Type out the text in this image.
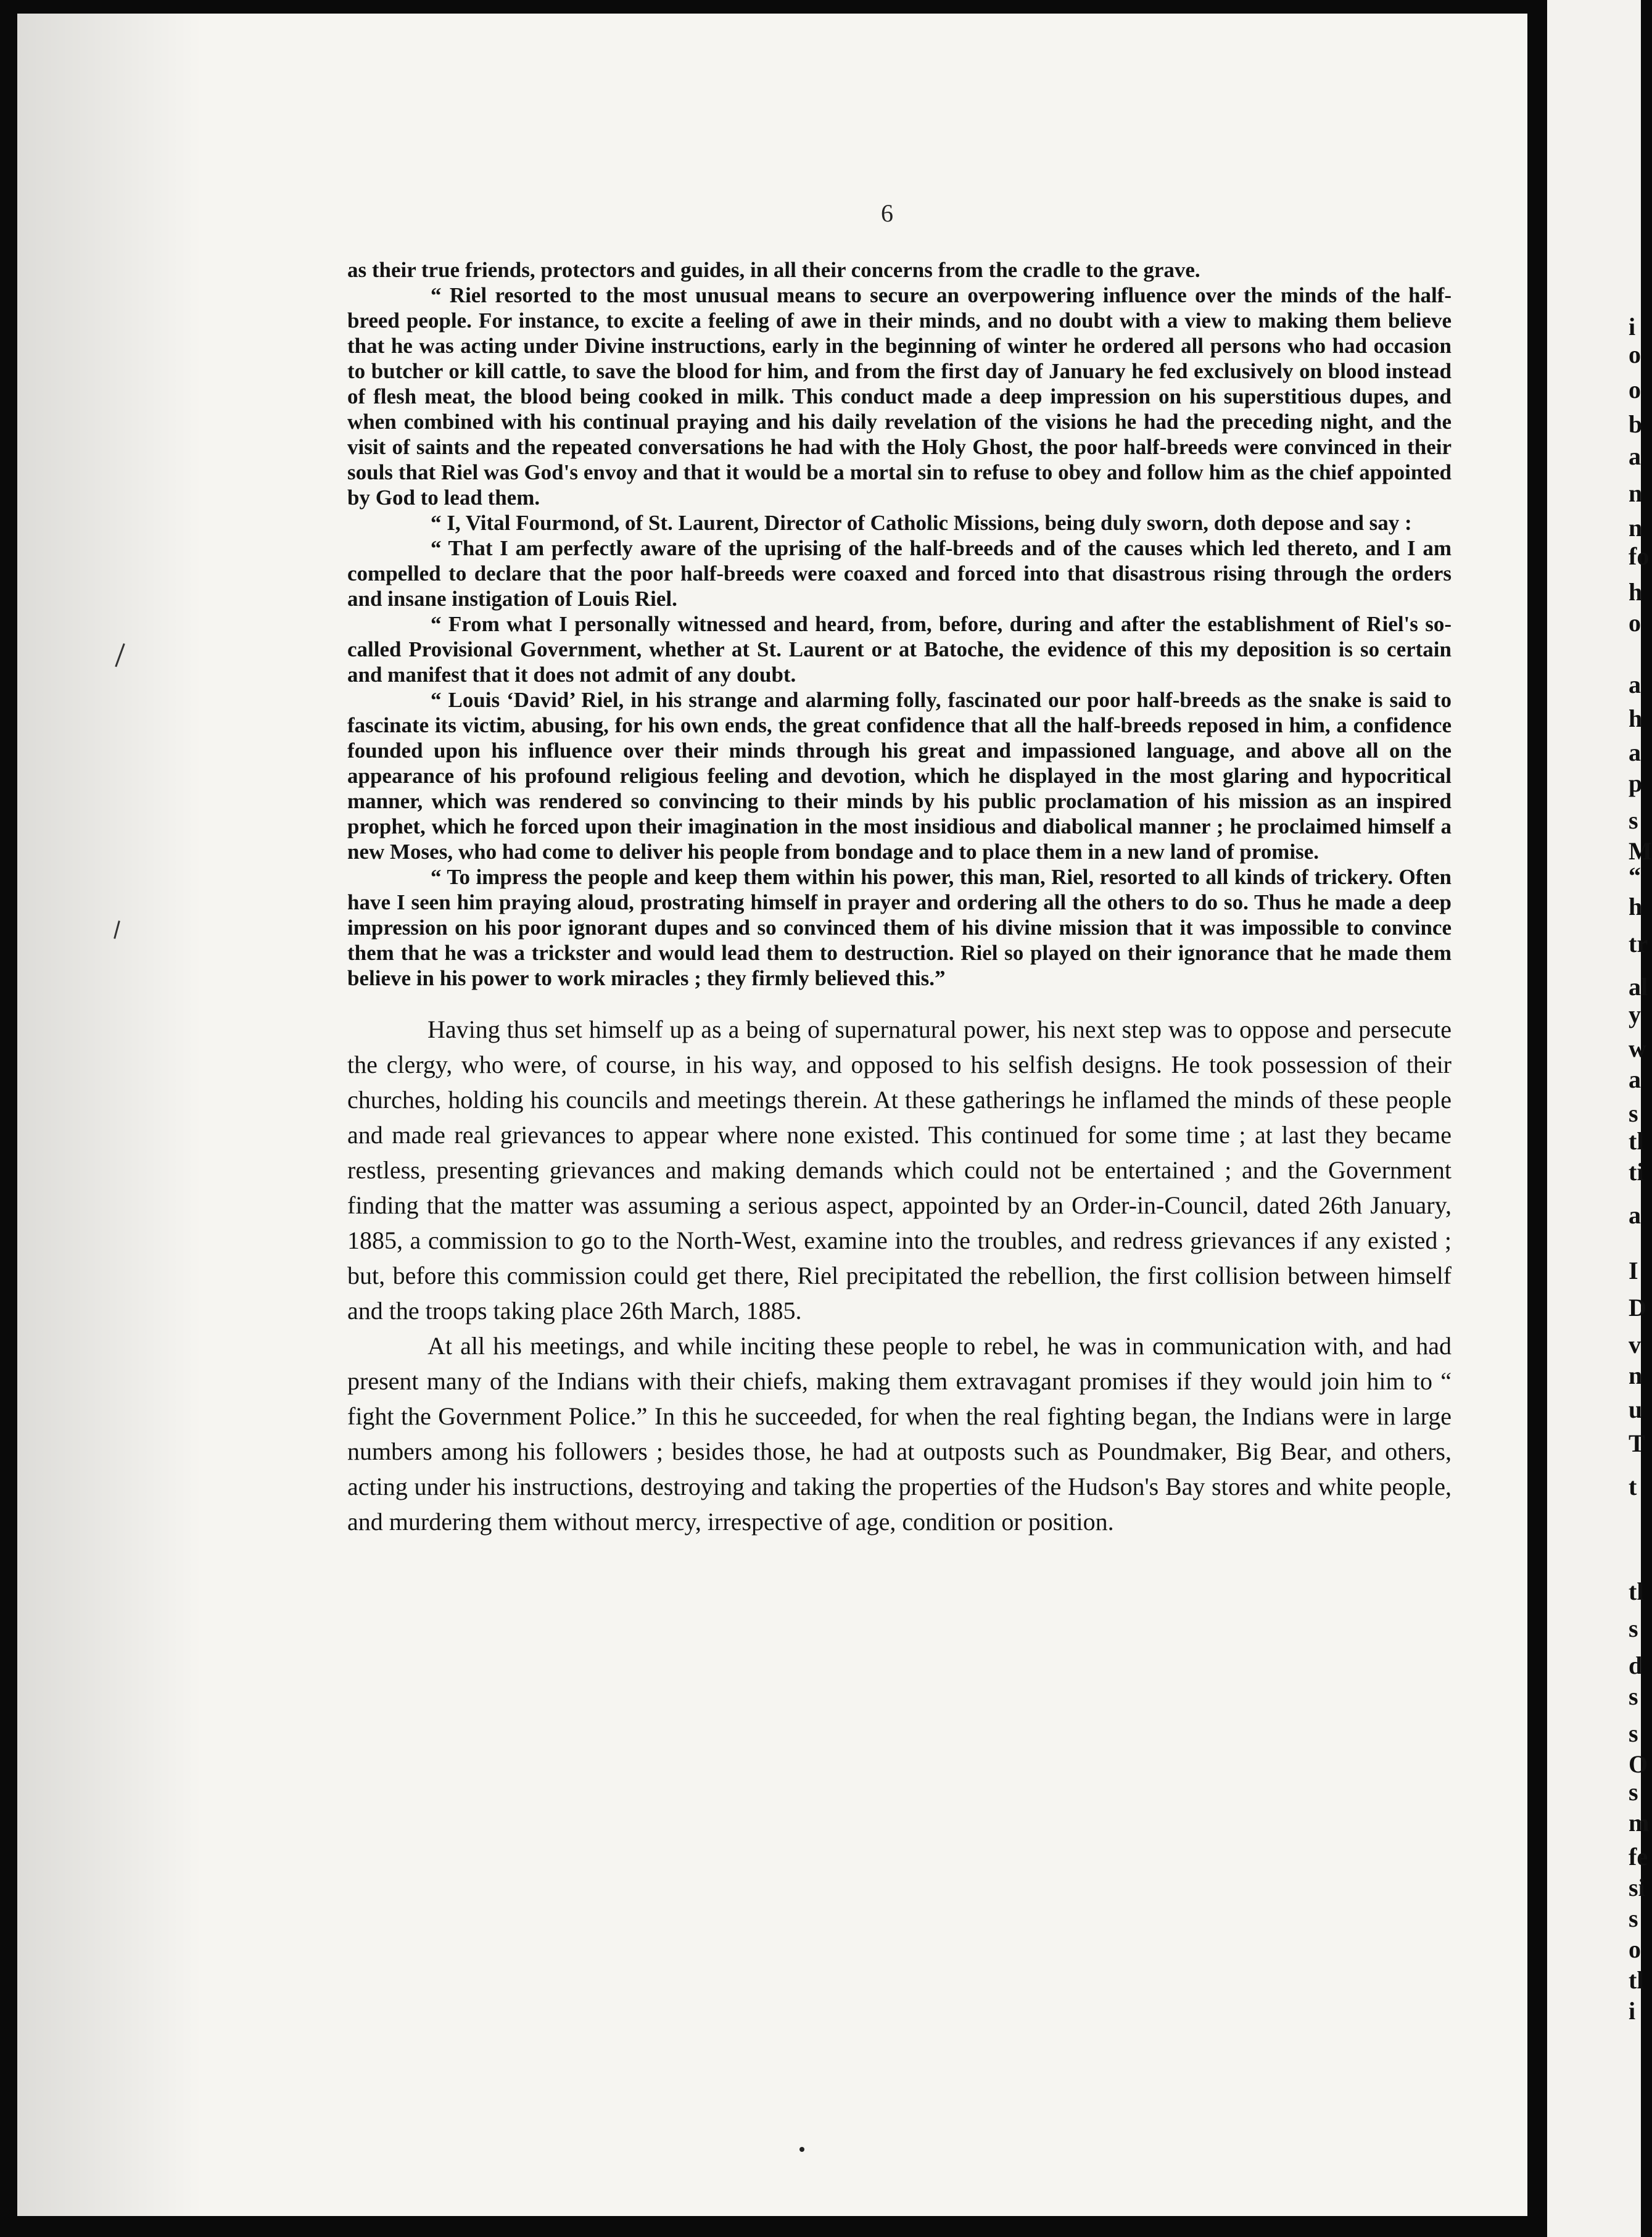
6

as their true friends, protectors and guides, in all their concerns from the cradle to the grave.

“ Riel resorted to the most unusual means to secure an overpowering influence over the minds of the half-breed people. For instance, to excite a feeling of awe in their minds, and no doubt with a view to making them believe that he was acting under Divine instructions, early in the beginning of winter he ordered all persons who had occasion to butcher or kill cattle, to save the blood for him, and from the first day of January he fed exclusively on blood instead of flesh meat, the blood being cooked in milk. This conduct made a deep impression on his superstitious dupes, and when combined with his continual praying and his daily revelation of the visions he had the preceding night, and the visit of saints and the repeated conversations he had with the Holy Ghost, the poor half-breeds were convinced in their souls that Riel was God's envoy and that it would be a mortal sin to refuse to obey and follow him as the chief appointed by God to lead them.

“ I, Vital Fourmond, of St. Laurent, Director of Catholic Missions, being duly sworn, doth depose and say :

“ That I am perfectly aware of the uprising of the half-breeds and of the causes which led thereto, and I am compelled to declare that the poor half-breeds were coaxed and forced into that disastrous rising through the orders and insane instigation of Louis Riel.

“ From what I personally witnessed and heard, from, before, during and after the establishment of Riel's so-called Provisional Government, whether at St. Laurent or at Batoche, the evidence of this my deposition is so certain and manifest that it does not admit of any doubt.

“ Louis ‘David’ Riel, in his strange and alarming folly, fascinated our poor half-breeds as the snake is said to fascinate its victim, abusing, for his own ends, the great confidence that all the half-breeds reposed in him, a confidence founded upon his influence over their minds through his great and impassioned language, and above all on the appearance of his profound religious feeling and devotion, which he displayed in the most glaring and hypocritical manner, which was rendered so convincing to their minds by his public proclamation of his mission as an inspired prophet, which he forced upon their imagination in the most insidious and diabolical manner ; he proclaimed himself a new Moses, who had come to deliver his people from bondage and to place them in a new land of promise.

“ To impress the people and keep them within his power, this man, Riel, resorted to all kinds of trickery. Often have I seen him praying aloud, prostrating himself in prayer and ordering all the others to do so. Thus he made a deep impression on his poor ignorant dupes and so convinced them of his divine mission that it was impossible to convince them that he was a trickster and would lead them to destruction. Riel so played on their ignorance that he made them believe in his power to work miracles ; they firmly believed this.”

Having thus set himself up as a being of supernatural power, his next step was to oppose and persecute the clergy, who were, of course, in his way, and opposed to his selfish designs. He took possession of their churches, holding his councils and meetings therein. At these gatherings he inflamed the minds of these people and made real grievances to appear where none existed. This continued for some time ; at last they became restless, presenting grievances and making demands which could not be entertained ; and the Government finding that the matter was assuming a serious aspect, appointed by an Order-in-Council, dated 26th January, 1885, a commission to go to the North-West, examine into the troubles, and redress grievances if any existed ; but, before this commission could get there, Riel precipitated the rebellion, the first collision between himself and the troops taking place 26th March, 1885.

At all his meetings, and while inciting these people to rebel, he was in communication with, and had present many of the Indians with their chiefs, making them extravagant promises if they would join him to “ fight the Government Police.” In this he succeeded, for when the real fighting began, the Indians were in large numbers among his followers ; besides those, he had at outposts such as Poundmaker, Big Bear, and others, acting under his instructions, destroying and taking the properties of the Hudson's Bay stores and white people, and murdering them without mercy, irrespective of age, condition or position.

i
o
o
b
a
n
n
fo
h
o
a
h
a
p
s
M
“
h
tr
al
y
w
a
s
tl
ti
a
I
D
v
n
u
T
t
tl
s
d
s
s
O
s
m
fe
si
s
o
tl
i
